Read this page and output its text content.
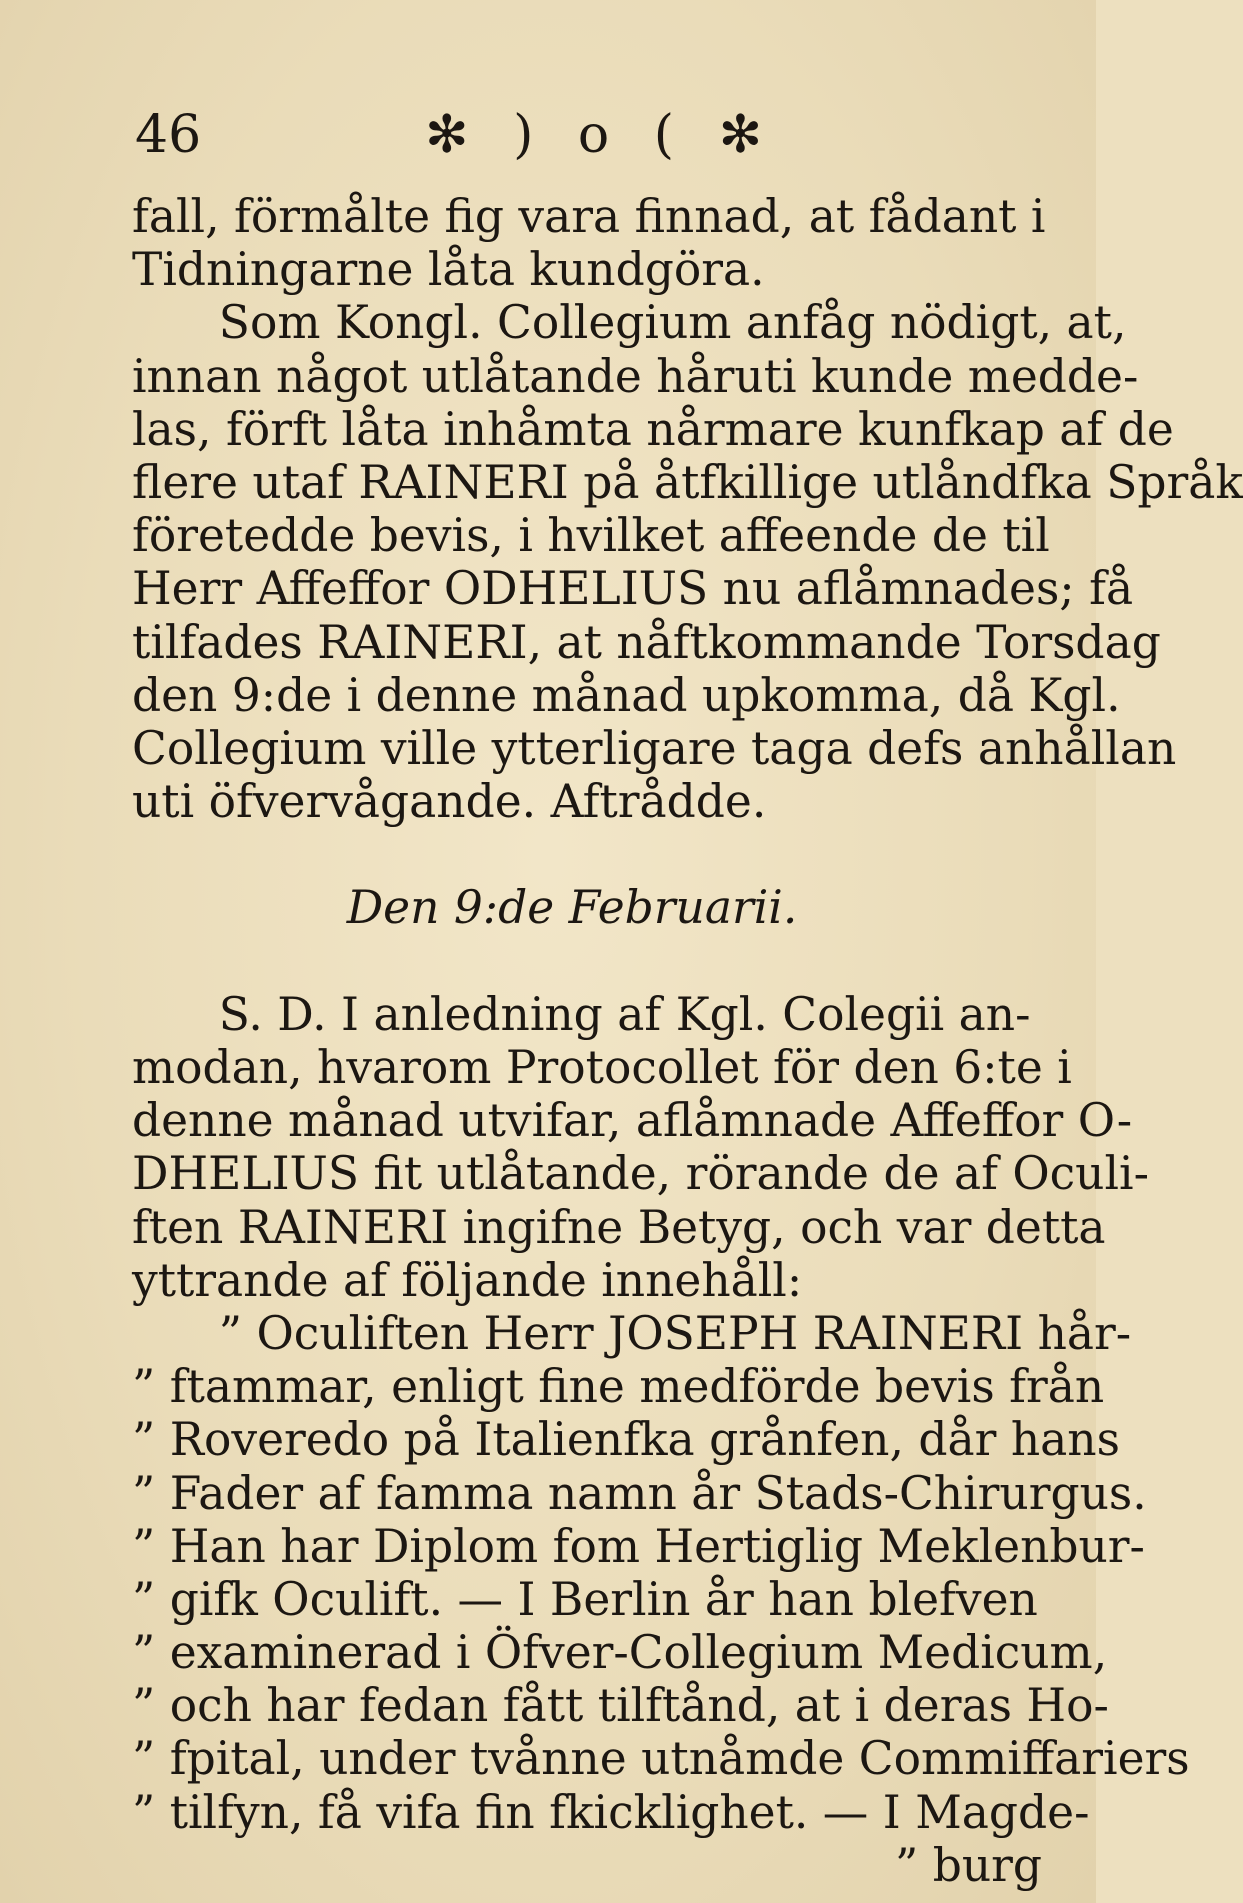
46	✻ ) o ( ✻
fall, förmålte fig vara finnad, at fådant i
Tidningarne låta kundgöra.
Som Kongl. Collegium anfåg nödigt, at,
innan något utlåtande håruti kunde medde-
las, förft låta inhåmta nårmare kunfkap af de
flere utaf RAINERI på åtfkillige utlåndfka Språk
företedde bevis, i hvilket affeende de til
Herr Affeffor ODHELIUS nu aflåmnades; få
tilfades RAINERI, at nåftkommande Torsdag
den 9:de i denne månad upkomma, då Kgl.
Collegium ville ytterligare taga defs anhållan
uti öfvervågande. Aftrådde.
Den 9:de Februarii.
S. D. I anledning af Kgl. Colegii an-
modan, hvarom Protocollet för den 6:te i
denne månad utvifar, aflåmnade Affeffor O-
DHELIUS fit utlåtande, rörande de af Oculi-
ften RAINERI ingifne Betyg, och var detta
yttrande af följande innehåll:
” Oculiften Herr JOSEPH RAINERI hår-
” ftammar, enligt fine medförde bevis från
” Roveredo på Italienfka grånfen, dår hans
” Fader af famma namn år Stads-Chirurgus.
” Han har Diplom fom Hertiglig Meklenbur-
” gifk Oculift. — I Berlin år han blefven
” examinerad i Öfver-Collegium Medicum,
” och har fedan fått tilftånd, at i deras Ho-
” fpital, under tvånne utnåmde Commiffariers
” tilfyn, få vifa fin fkicklighet. — I Magde-
” burg
